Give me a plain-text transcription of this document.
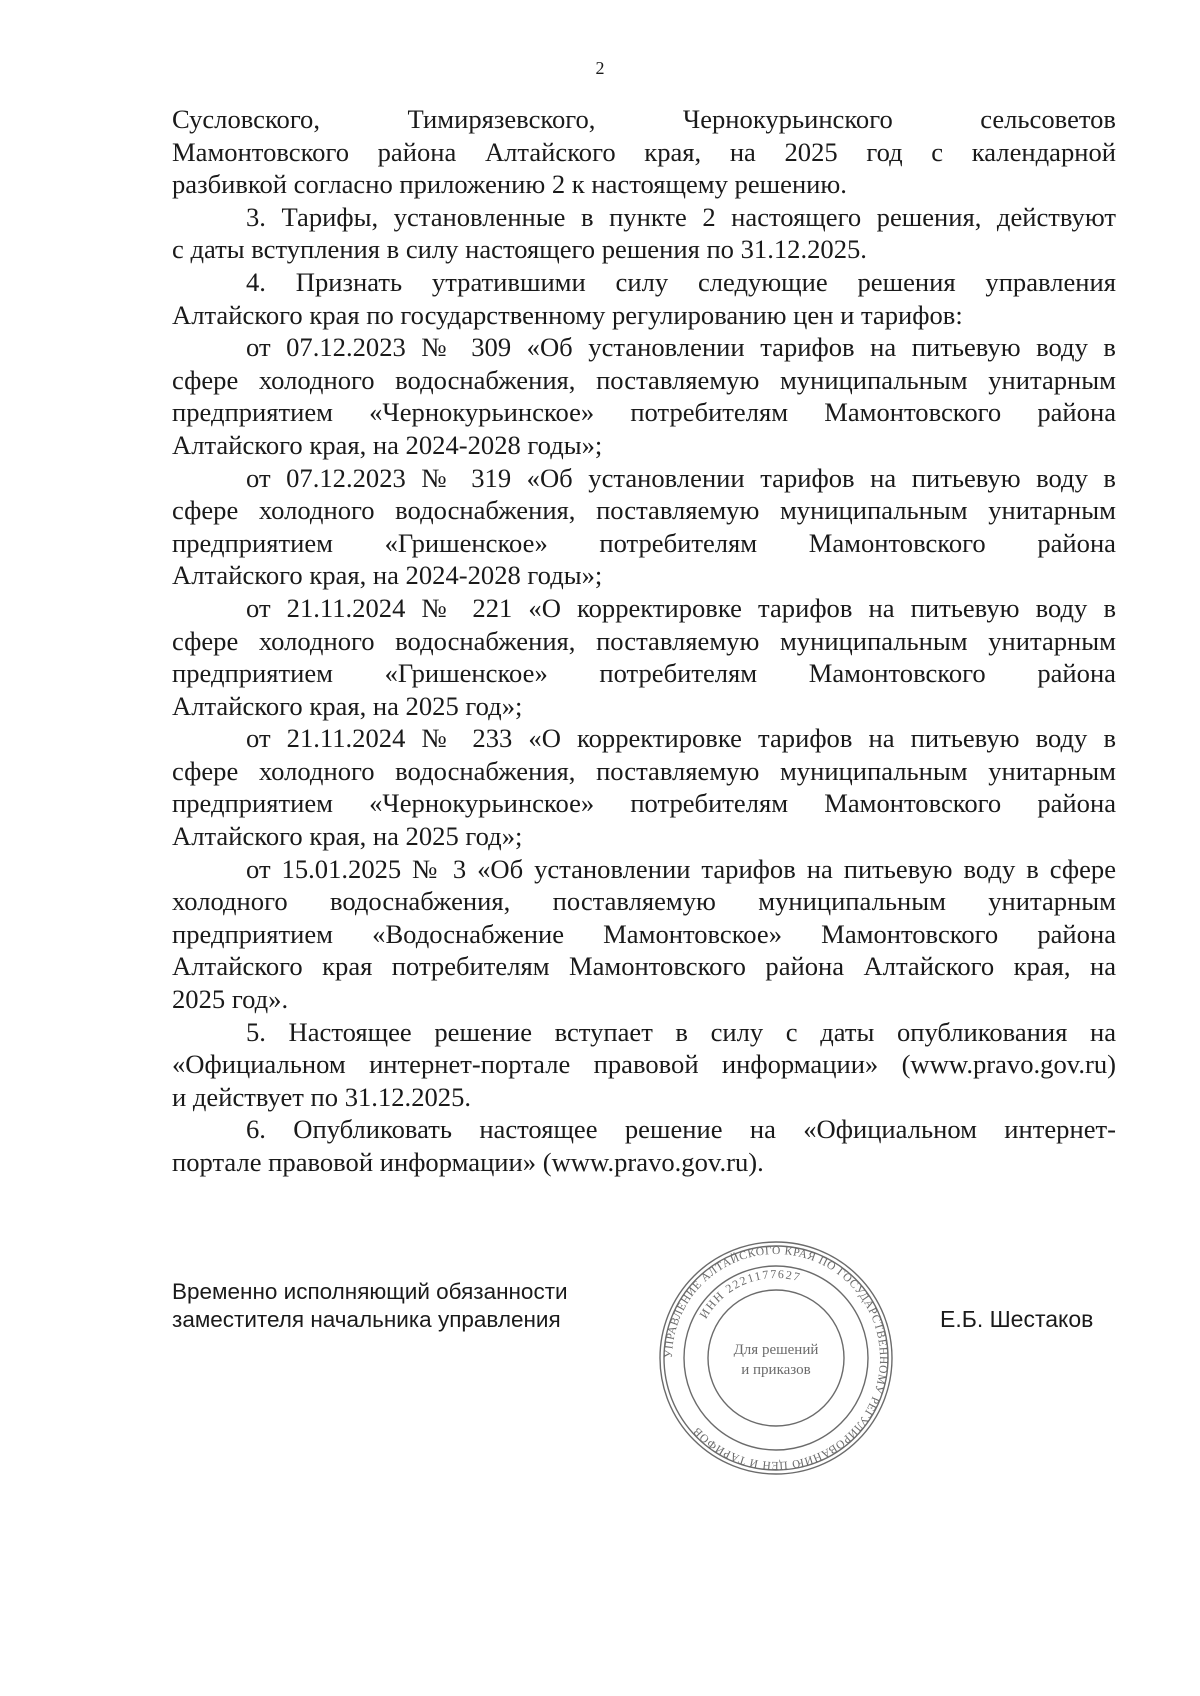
2
Сусловского, Тимирязевского, Чернокурьинского сельсоветов
Мамонтовского района Алтайского края, на 2025 год с календарной
разбивкой согласно приложению 2 к настоящему решению.
3. Тарифы, установленные в пункте 2 настоящего решения, действуют
с даты вступления в силу настоящего решения по 31.12.2025.
4. Признать утратившими силу следующие решения управления
Алтайского края по государственному регулированию цен и тарифов:
от 07.12.2023 № 309 «Об установлении тарифов на питьевую воду в
сфере холодного водоснабжения, поставляемую муниципальным унитарным
предприятием «Чернокурьинское» потребителям Мамонтовского района
Алтайского края, на 2024-2028 годы»;
от 07.12.2023 № 319 «Об установлении тарифов на питьевую воду в
сфере холодного водоснабжения, поставляемую муниципальным унитарным
предприятием «Гришенское» потребителям Мамонтовского района
Алтайского края, на 2024-2028 годы»;
от 21.11.2024 № 221 «О корректировке тарифов на питьевую воду в
сфере холодного водоснабжения, поставляемую муниципальным унитарным
предприятием «Гришенское» потребителям Мамонтовского района
Алтайского края, на 2025 год»;
от 21.11.2024 № 233 «О корректировке тарифов на питьевую воду в
сфере холодного водоснабжения, поставляемую муниципальным унитарным
предприятием «Чернокурьинское» потребителям Мамонтовского района
Алтайского края, на 2025 год»;
от 15.01.2025 № 3 «Об установлении тарифов на питьевую воду в сфере
холодного водоснабжения, поставляемую муниципальным унитарным
предприятием «Водоснабжение Мамонтовское» Мамонтовского района
Алтайского края потребителям Мамонтовского района Алтайского края, на
2025 год».
5. Настоящее решение вступает в силу с даты опубликования на
«Официальном интернет-портале правовой информации» (www.pravo.gov.ru)
и действует по 31.12.2025.
6. Опубликовать настоящее решение на «Официальном интернет-
портале правовой информации» (www.pravo.gov.ru).
Временно исполняющий обязанности
заместителя начальника управления
УПРАВЛЕНИЕ АЛТАЙСКОГО КРАЯ ПО ГОСУДАРСТВЕННОМУ РЕГУЛИРОВАНИЮ ЦЕН И ТАРИФОВ
ИНН 2221177627
Для решений
и приказов
Е.Б. Шестаков
